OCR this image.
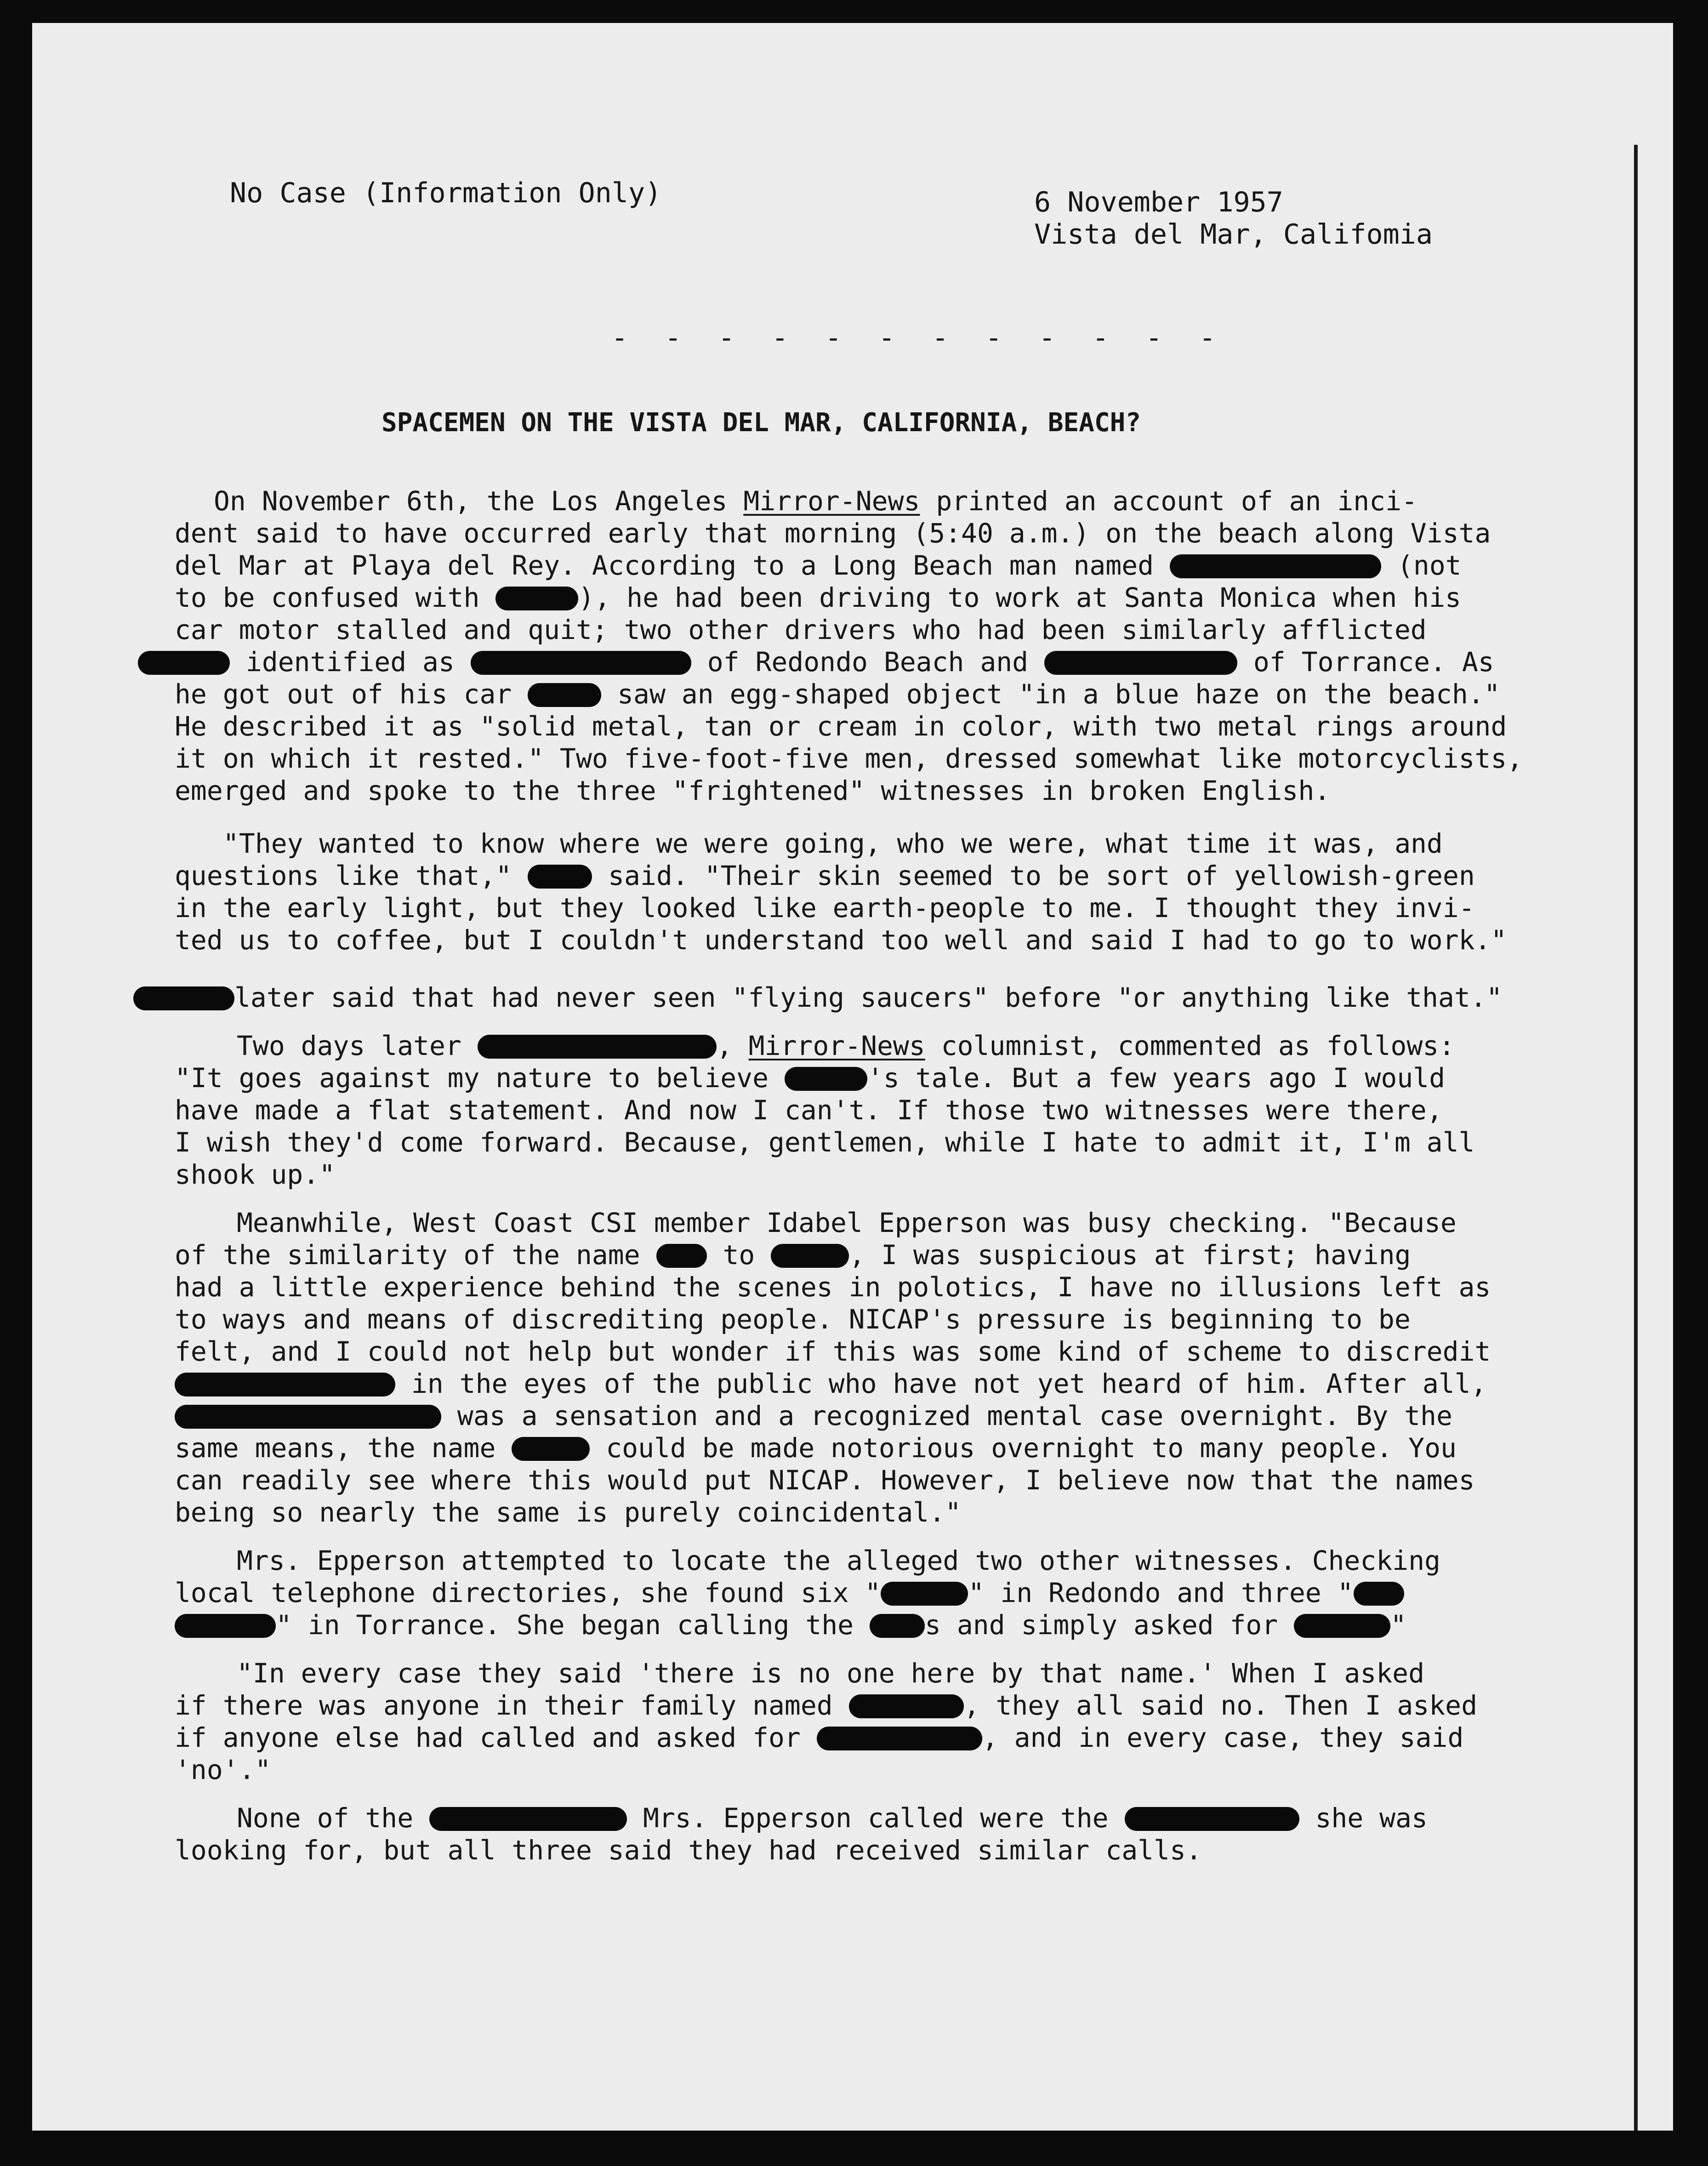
No Case (Information Only)	6 November 1957
Vista del Mar, Califomia
- - - - - - - - - - - -
SPACEMEN ON THE VISTA DEL MAR, CALIFORNIA, BEACH?
On November 6th, the Los Angeles Mirror-News printed an account of an inci-
dent said to have occurred early that morning (5:40 a.m.) on the beach along Vista
del Mar at Playa del Rey. According to a Long Beach man named	(not
to be confused with	), he had been driving to work at Santa Monica when his
car motor stalled and quit; two other drivers who had been similarly afflicted
identified as	of Redondo Beach and	of Torrance. As
he got out of his car	saw an egg-shaped object "in a blue haze on the beach."
He described it as "solid metal, tan or cream in color, with two metal rings around
it on which it rested." Two five-foot-five men, dressed somewhat like motorcyclists,
emerged and spoke to the three "frightened" witnesses in broken English.
"They wanted to know where we were going, who we were, what time it was, and
questions like that,"  said. "Their skin seemed to be sort of yellowish-green
in the early light, but they looked like earth-people to me. I thought they invi-
ted us to coffee, but I couldn't understand too well and said I had to go to work."
later said that had never seen "flying saucers" before "or anything like that."
Two days later	, Mirror-News columnist, commented as follows:
"It goes against my nature to believe	's tale. But a few years ago I would
have made a flat statement. And now I can't. If those two witnesses were there,
I wish they'd come forward. Because, gentlemen, while I hate to admit it, I'm all
shook up."
Meanwhile, West Coast CSI member Idabel Epperson was busy checking. "Because
of the similarity of the name  to	, I was suspicious at first; having
had a little experience behind the scenes in polotics, I have no illusions left as
to ways and means of discrediting people. NICAP's pressure is beginning to be
felt, and I could not help but wonder if this was some kind of scheme to discredit
in the eyes of the public who have not yet heard of him. After all,
was a sensation and a recognized mental case overnight. By the
same means, the name	could be made notorious overnight to many people. You
can readily see where this would put NICAP. However, I believe now that the names
being so nearly the same is purely coincidental."
Mrs. Epperson attempted to locate the alleged two other witnesses. Checking
local telephone directories, she found six "	" in Redondo and three "
" in Torrance. She began calling the s and simply asked for	"
"In every case they said 'there is no one here by that name.' When I asked
if there was anyone in their family named	, they all said no. Then I asked
if anyone else had called and asked for	, and in every case, they said
'no'."
None of the	Mrs. Epperson called were the	she was
looking for, but all three said they had received similar calls.
